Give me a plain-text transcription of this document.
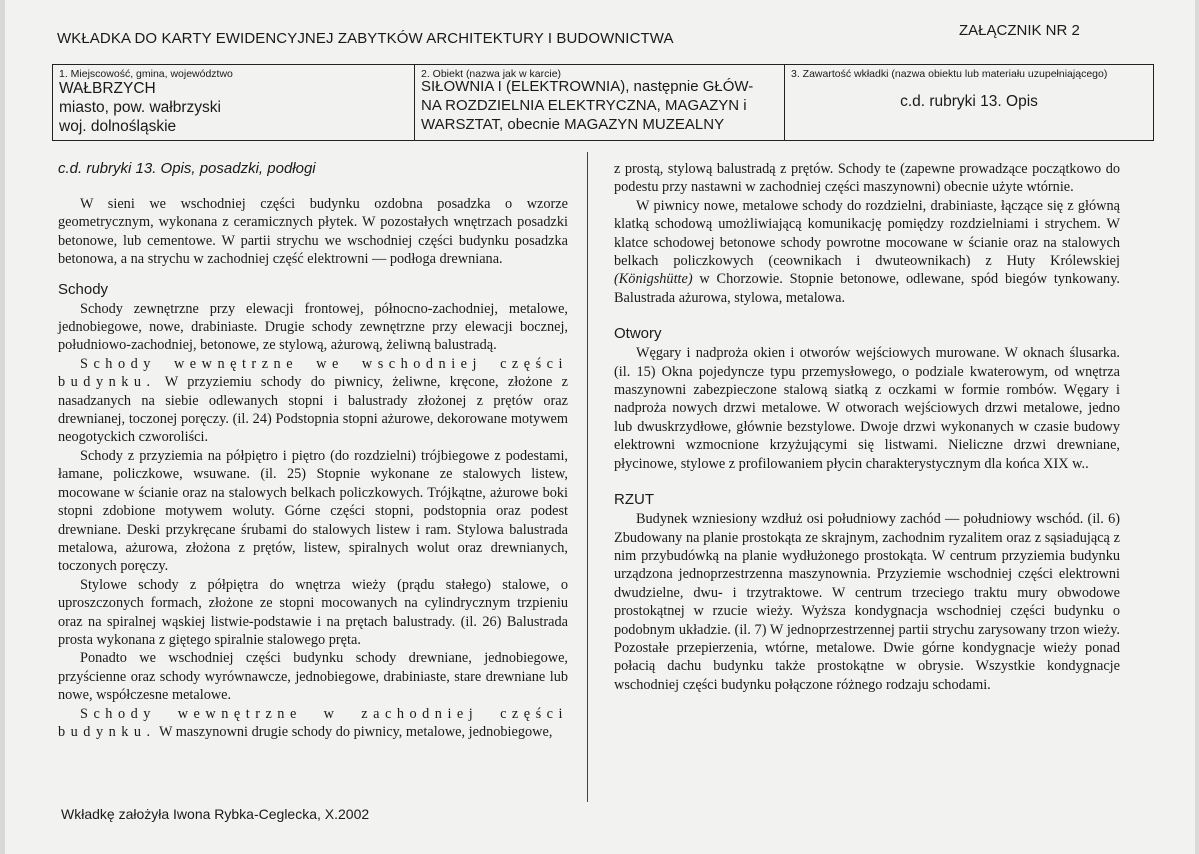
WKŁADKA DO KARTY EWIDENCYJNEJ ZABYTKÓW ARCHITEKTURY I BUDOWNICTWA	ZAŁĄCZNIK NR 2
1. Miejscowość, gmina, województwo
WAŁBRZYCH
miasto, pow. wałbrzyski
woj. dolnośląskie
2. Obiekt (nazwa jak w karcie)
SIŁOWNIA I (ELEKTROWNIA), następnie GŁÓW-
NA ROZDZIELNIA ELEKTRYCZNA, MAGAZYN i
WARSZTAT, obecnie MAGAZYN MUZEALNY
3. Zawartość wkładki (nazwa obiektu lub materiału uzupełniającego)
c.d. rubryki 13. Opis
c.d. rubryki 13. Opis, posadzki, podłogi

W sieni we wschodniej części budynku ozdobna posadzka o wzorze geometrycznym, wykonana z ceramicznych płytek. W pozostałych wnętrzach posadzki betonowe, lub cementowe. W partii strychu we wschodniej części budynku posadzka betonowa, a na strychu w zachodniej część elektrowni — podłoga drewniana.

Schody

Schody zewnętrzne przy elewacji frontowej, północno-zachodniej, metalowe, jednobiegowe, nowe, drabiniaste. Drugie schody zewnętrzne przy elewacji bocznej, południowo-zachodniej, betonowe, ze stylową, ażurową, żeliwną balustradą.

Schody wewnętrzne we wschodniej części budynku. W przyziemiu schody do piwnicy, żeliwne, kręcone, złożone z nasadzanych na siebie odlewanych stopni i balustrady złożonej z prętów oraz drewnianej, toczonej poręczy. (il. 24) Podstopnia stopni ażurowe, dekorowane motywem neogotyckich czworoliści.

Schody z przyziemia na półpiętro i piętro (do rozdzielni) trójbiegowe z podestami, łamane, policzkowe, wsuwane. (il. 25) Stopnie wykonane ze stalowych listew, mocowane w ścianie oraz na stalowych belkach policzkowych. Trójkątne, ażurowe boki stopni zdobione motywem woluty. Górne części stopni, podstopnia oraz podest drewniane. Deski przykręcane śrubami do stalowych listew i ram. Stylowa balustrada metalowa, ażurowa, złożona z prętów, listew, spiralnych wolut oraz drewnianych, toczonych poręczy.

Stylowe schody z półpiętra do wnętrza wieży (prądu stałego) stalowe, o uproszczonych formach, złożone ze stopni mocowanych na cylindrycznym trzpieniu oraz na spiralnej wąskiej listwie-podstawie i na prętach balustrady. (il. 26) Balustrada prosta wykonana z giętego spiralnie stalowego pręta.

Ponadto we wschodniej części budynku schody drewniane, jednobiegowe, przyścienne oraz schody wyrównawcze, jednobiegowe, drabiniaste, stare drewniane lub nowe, współczesne metalowe.

Schody wewnętrzne w zachodniej części budynku. W maszynowni drugie schody do piwnicy, metalowe, jednobiegowe,

z prostą, stylową balustradą z prętów. Schody te (zapewne prowadzące początkowo do podestu przy nastawni w zachodniej części maszynowni) obecnie użyte wtórnie.

W piwnicy nowe, metalowe schody do rozdzielni, drabiniaste, łączące się z główną klatką schodową umożliwiającą komunikację pomiędzy rozdzielniami i strychem. W klatce schodowej betonowe schody powrotne mocowane w ścianie oraz na stalowych belkach policzkowych (ceownikach i dwuteownikach) z Huty Królewskiej (Königshütte) w Chorzowie. Stopnie betonowe, odlewane, spód biegów tynkowany. Balustrada ażurowa, stylowa, metalowa.

Otwory

Węgary i nadproża okien i otworów wejściowych murowane. W oknach ślusarka. (il. 15) Okna pojedyncze typu przemysłowego, o podziale kwaterowym, od wnętrza maszynowni zabezpieczone stalową siatką z oczkami w formie rombów. Węgary i nadproża nowych drzwi metalowe. W otworach wejściowych drzwi metalowe, jedno lub dwuskrzydłowe, głównie bezstylowe. Dwoje drzwi wykonanych w czasie budowy elektrowni wzmocnione krzyżującymi się listwami. Nieliczne drzwi drewniane, płycinowe, stylowe z profilowaniem płycin charakterystycznym dla końca XIX w..

RZUT

Budynek wzniesiony wzdłuż osi południowy zachód — południowy wschód. (il. 6) Zbudowany na planie prostokąta ze skrajnym, zachodnim ryzalitem oraz z sąsiadującą z nim przybudówką na planie wydłużonego prostokąta. W centrum przyziemia budynku urządzona jednoprzestrzenna maszynownia. Przyziemie wschodniej części elektrowni dwudzielne, dwu- i trzytraktowe. W centrum trzeciego traktu mury obwodowe prostokątnej w rzucie wieży. Wyższa kondygnacja wschodniej części budynku o podobnym układzie. (il. 7) W jednoprzestrzennej partii strychu zarysowany trzon wieży. Pozostałe przepierzenia, wtórne, metalowe. Dwie górne kondygnacje wieży ponad połacią dachu budynku także prostokątne w obrysie. Wszystkie kondygnacje wschodniej części budynku połączone różnego rodzaju schodami.

Wkładkę założyła Iwona Rybka-Ceglecka, X.2002
